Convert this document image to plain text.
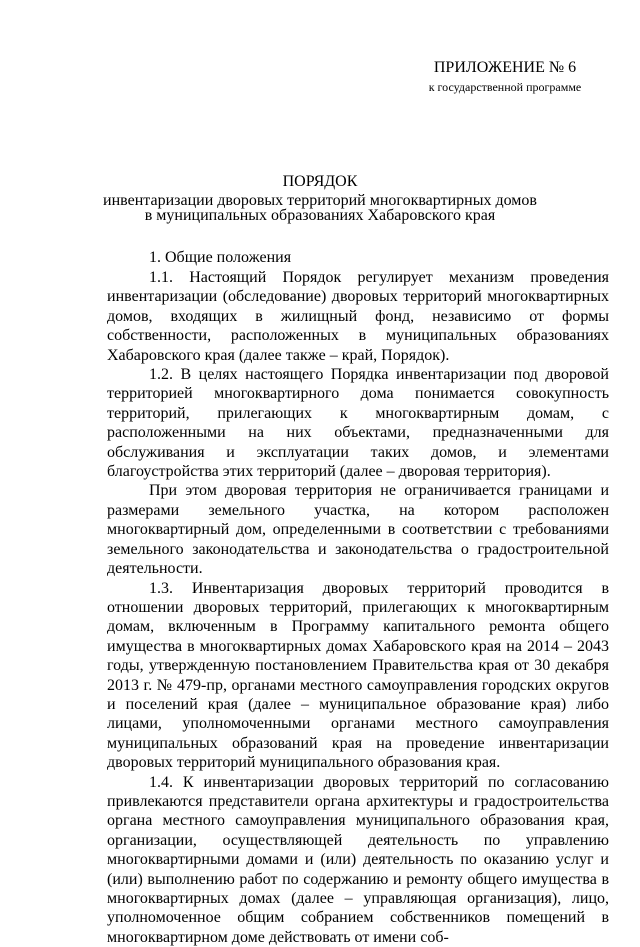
ПРИЛОЖЕНИЕ № 6

к государственной программе

ПОРЯДОК

инвентаризации дворовых территорий многоквартирных домов
в муниципальных образованиях Хабаровского края

1. Общие положения

1.1. Настоящий Порядок регулирует механизм проведения инвентаризации (обследование) дворовых территорий многоквартирных домов, входящих в жилищный фонд, независимо от формы собственности, расположенных в муниципальных образованиях Хабаровского края (далее также – край, Порядок).

1.2. В целях настоящего Порядка инвентаризации под дворовой территорией многоквартирного дома понимается совокупность территорий, прилегающих к многоквартирным домам, с расположенными на них объектами, предназначенными для обслуживания и эксплуатации таких домов, и элементами благоустройства этих территорий (далее – дворовая территория).

При этом дворовая территория не ограничивается границами и размерами земельного участка, на котором расположен многоквартирный дом, определенными в соответствии с требованиями земельного законодательства и законодательства о градостроительной деятельности.

1.3. Инвентаризация дворовых территорий проводится в отношении дворовых территорий, прилегающих к многоквартирным домам, включенным в Программу капитального ремонта общего имущества в многоквартирных домах Хабаровского края на 2014 – 2043 годы, утвержденную постановлением Правительства края от 30 декабря 2013 г. № 479-пр, органами местного самоуправления городских округов и поселений края (далее – муниципальное образование края) либо лицами, уполномоченными органами местного самоуправления муниципальных образований края на проведение инвентаризации дворовых территорий муниципального образования края.

1.4. К инвентаризации дворовых территорий по согласованию привлекаются представители органа архитектуры и градостроительства органа местного самоуправления муниципального образования края, организации, осуществляющей деятельность по управлению многоквартирными домами и (или) деятельность по оказанию услуг и (или) выполнению работ по содержанию и ремонту общего имущества в многоквартирных домах (далее – управляющая организация), лицо, уполномоченное общим собранием собственников помещений в многоквартирном доме действовать от имени соб-
